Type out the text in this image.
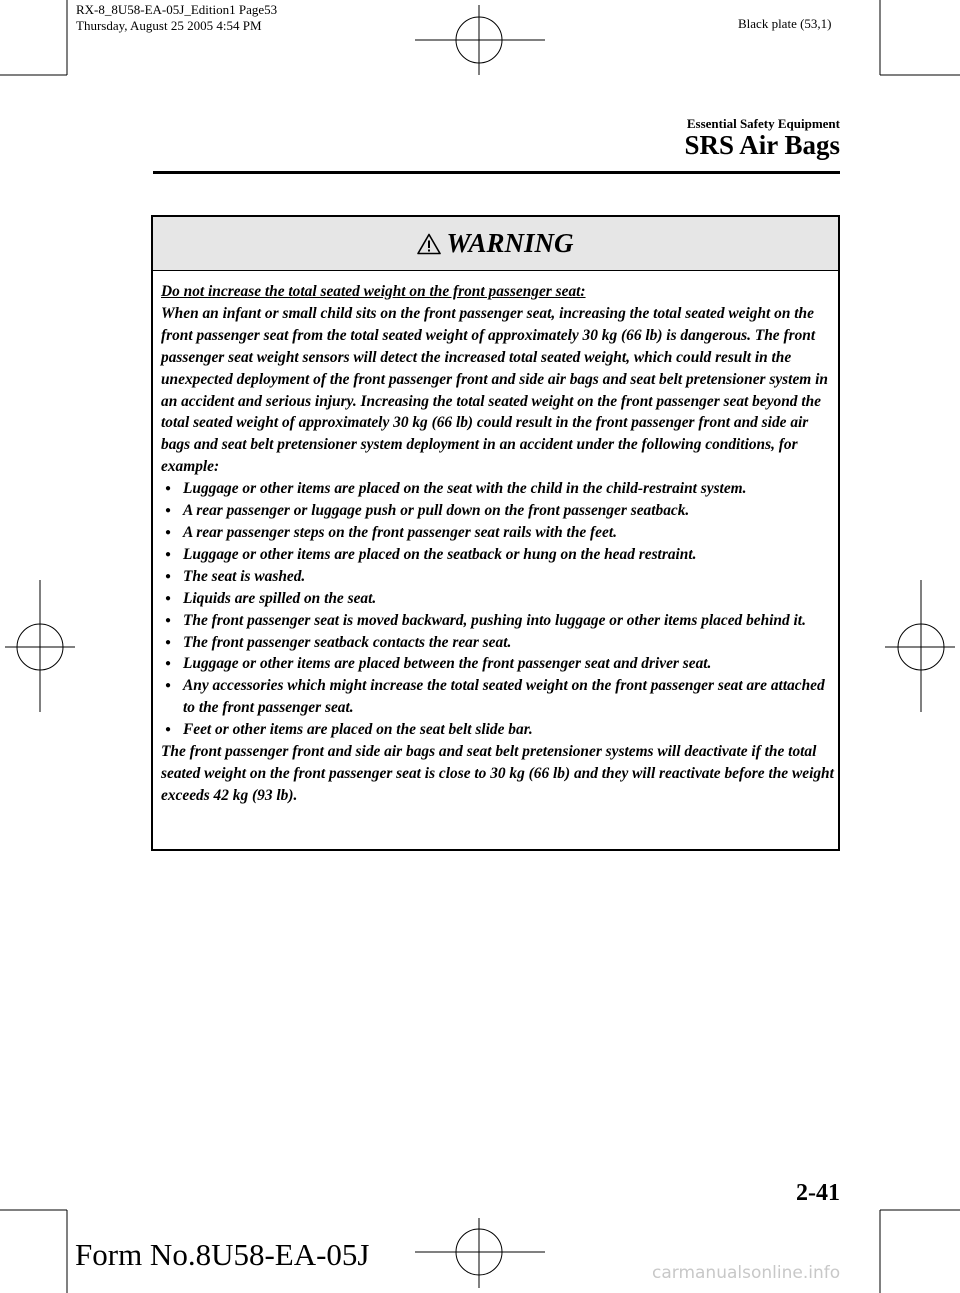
RX-8_8U58-EA-05J_Edition1 Page53
Thursday, August 25 2005 4:54 PM	Black plate (53,1)
Essential Safety Equipment
SRS Air Bags
WARNING

Do not increase the total seated weight on the front passenger seat:

When an infant or small child sits on the front passenger seat, increasing the total seated weight on the front passenger seat from the total seated weight of approximately 30 kg (66 lb) is dangerous. The front passenger seat weight sensors will detect the increased total seated weight, which could result in the unexpected deployment of the front passenger front and side air bags and seat belt pretensioner system in an accident and serious injury. Increasing the total seated weight on the front passenger seat beyond the total seated weight of approximately 30 kg (66 lb) could result in the front passenger front and side air bags and seat belt pretensioner system deployment in an accident under the following conditions, for example:

● Luggage or other items are placed on the seat with the child in the child-restraint system.
● A rear passenger or luggage push or pull down on the front passenger seatback.
● A rear passenger steps on the front passenger seat rails with the feet.
● Luggage or other items are placed on the seatback or hung on the head restraint.
● The seat is washed.
● Liquids are spilled on the seat.
● The front passenger seat is moved backward, pushing into luggage or other items placed behind it.
● The front passenger seatback contacts the rear seat.
● Luggage or other items are placed between the front passenger seat and driver seat.
● Any accessories which might increase the total seated weight on the front passenger seat are attached to the front passenger seat.
● Feet or other items are placed on the seat belt slide bar.

The front passenger front and side air bags and seat belt pretensioner systems will deactivate if the total seated weight on the front passenger seat is close to 30 kg (66 lb) and they will reactivate before the weight exceeds 42 kg (93 lb).

2-41
Form No.8U58-EA-05J
carmanualsonline.info
